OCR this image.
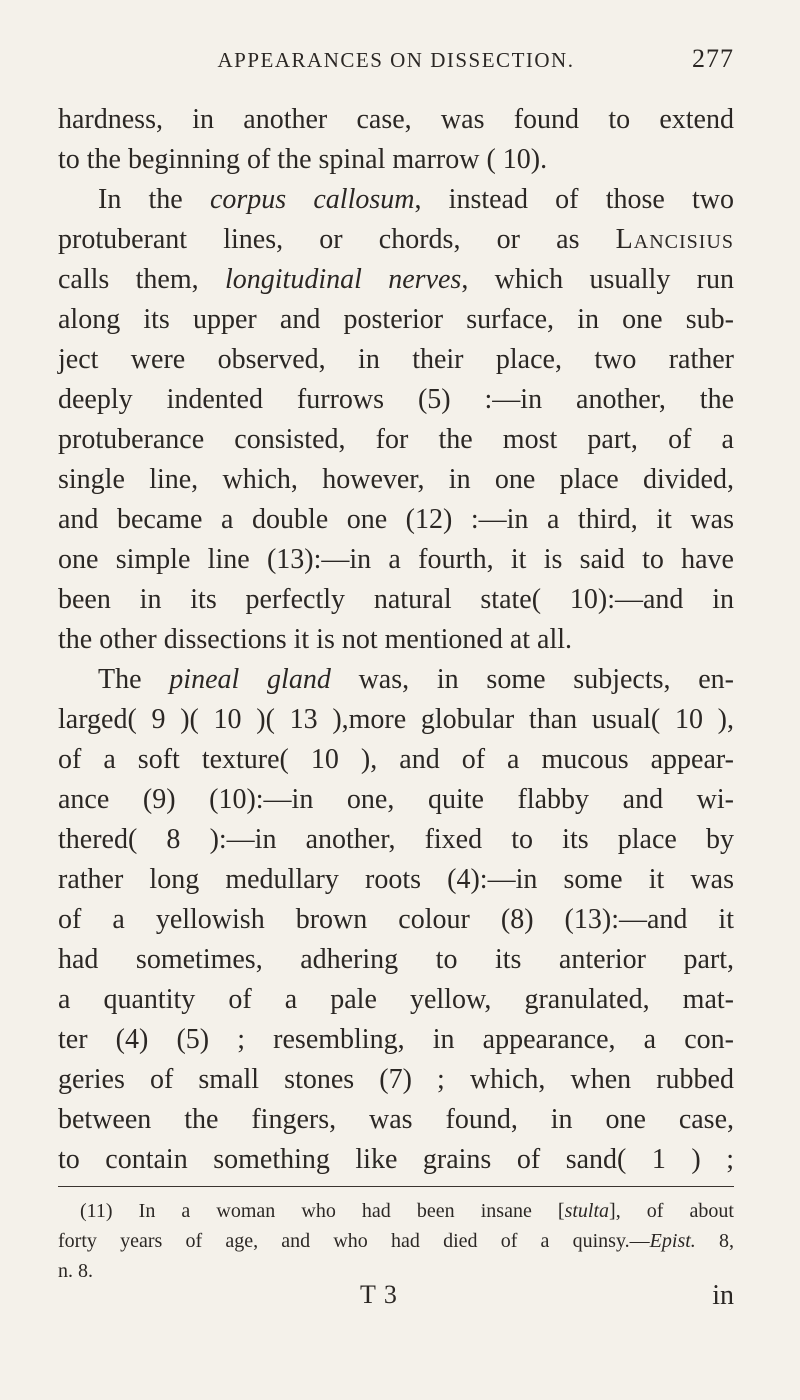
APPEARANCES ON DISSECTION.	277
hardness, in another case, was found to extend
to the beginning of the spinal marrow ( 10).
In the corpus callosum, instead of those two
protuberant lines, or chords, or as Lancisius
calls them, longitudinal nerves, which usually run
along its upper and posterior surface, in one sub-
ject were observed, in their place, two rather
deeply indented furrows (5) :—in another, the
protuberance consisted, for the most part, of a
single line, which, however, in one place divided,
and became a double one (12) :—in a third, it was
one simple line (13):—in a fourth, it is said to have
been in its perfectly natural state( 10):—and in
the other dissections it is not mentioned at all.
The pineal gland was, in some subjects, en-
larged( 9 )( 10 )( 13 ),more globular than usual( 10 ),
of a soft texture( 10 ), and of a mucous appear-
ance (9) (10):—in one, quite flabby and wi-
thered( 8 ):—in another, fixed to its place by
rather long medullary roots (4):—in some it was
of a yellowish brown colour (8) (13):—and it
had sometimes, adhering to its anterior part,
a quantity of a pale yellow, granulated, mat-
ter (4) (5) ; resembling, in appearance, a con-
geries of small stones (7) ; which, when rubbed
between the fingers, was found, in one case,
to contain something like grains of sand( 1 ) ;
(11) In a woman who had been insane [stulta], of about
forty years of age, and who had died of a quinsy.—Epist. 8,
n. 8.
T 3	in
